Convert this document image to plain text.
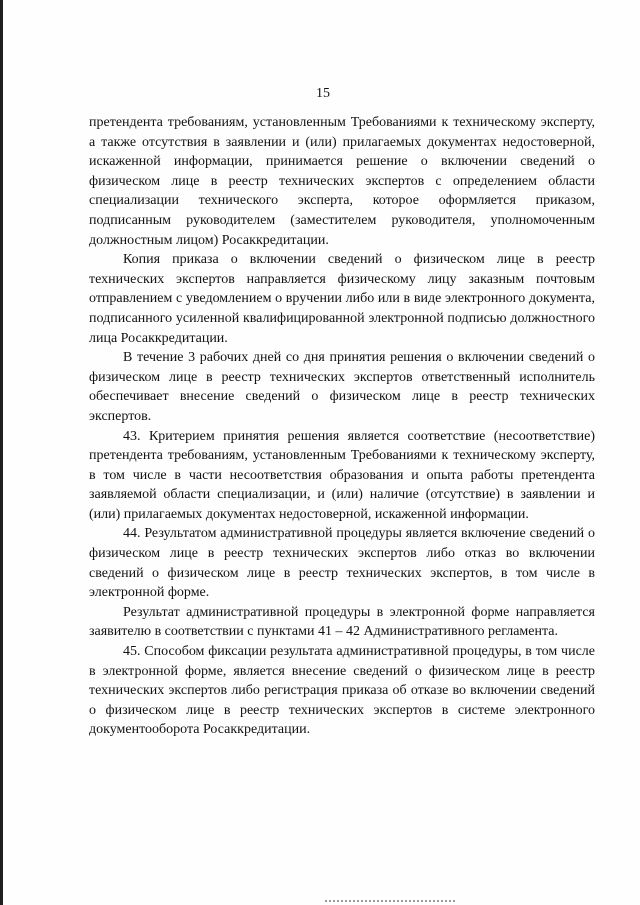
15

претендента требованиям, установленным Требованиями к техническому эксперту, а также отсутствия в заявлении и (или) прилагаемых документах недостоверной, искаженной информации, принимается решение о включении сведений о физическом лице в реестр технических экспертов с определением области специализации технического эксперта, которое оформляется приказом, подписанным руководителем (заместителем руководителя, уполномоченным должностным лицом) Росаккредитации.

Копия приказа о включении сведений о физическом лице в реестр технических экспертов направляется физическому лицу заказным почтовым отправлением с уведомлением о вручении либо или в виде электронного документа, подписанного усиленной квалифицированной электронной подписью должностного лица Росаккредитации.

В течение 3 рабочих дней со дня принятия решения о включении сведений о физическом лице в реестр технических экспертов ответственный исполнитель обеспечивает внесение сведений о физическом лице в реестр технических экспертов.

43. Критерием принятия решения является соответствие (несоответствие) претендента требованиям, установленным Требованиями к техническому эксперту, в том числе в части несоответствия образования и опыта работы претендента заявляемой области специализации, и (или) наличие (отсутствие) в заявлении и (или) прилагаемых документах недостоверной, искаженной информации.

44. Результатом административной процедуры является включение сведений о физическом лице в реестр технических экспертов либо отказ во включении сведений о физическом лице в реестр технических экспертов, в том числе в электронной форме.

Результат административной процедуры в электронной форме направляется заявителю в соответствии с пунктами 41 – 42 Административного регламента.

45. Способом фиксации результата административной процедуры, в том числе в электронной форме, является внесение сведений о физическом лице в реестр технических экспертов либо регистрация приказа об отказе во включении сведений о физическом лице в реестр технических экспертов в системе электронного документооборота Росаккредитации.
